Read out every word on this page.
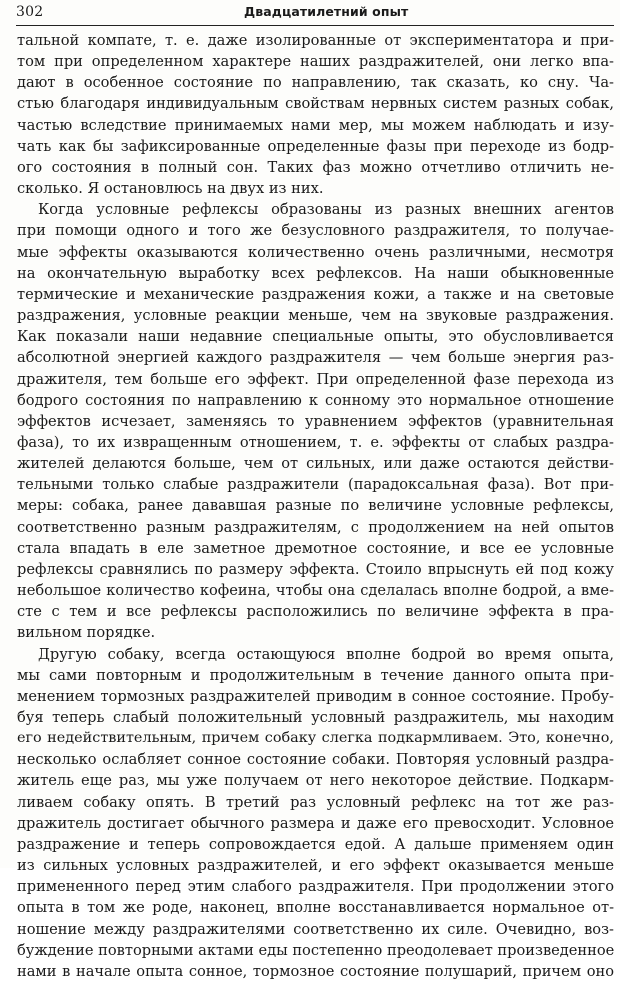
302	Двадцатилетний опыт
тальной компате, т. е. даже изолированные от экспериментатора и при-
том при определенном характере наших раздражителей, они легко впа-
дают в особенное состояние по направлению, так сказать, ко сну. Ча-
стью благодаря индивидуальным свойствам нервных систем разных собак,
частью вследствие принимаемых нами мер, мы можем наблюдать и изу-
чать как бы зафиксированные определенные фазы при переходе из бодр-
ого состояния в полный сон. Таких фаз можно отчетливо отличить не-
сколько. Я остановлюсь на двух из них.
Когда условные рефлексы образованы из разных внешних агентов
при помощи одного и того же безусловного раздражителя, то получае-
мые эффекты оказываются количественно очень различными, несмотря
на окончательную выработку всех рефлексов. На наши обыкновенные
термические и механические раздражения кожи, а также и на световые
раздражения, условные реакции меньше, чем на звуковые раздражения.
Как показали наши недавние специальные опыты, это обусловливается
абсолютной энергией каждого раздражителя — чем больше энергия раз-
дражителя, тем больше его эффект. При определенной фазе перехода из
бодрого состояния по направлению к сонному это нормальное отношение
эффектов исчезает, заменяясь то уравнением эффектов (уравнительная
фаза), то их извращенным отношением, т. е. эффекты от слабых раздра-
жителей делаются больше, чем от сильных, или даже остаются действи-
тельными только слабые раздражители (парадоксальная фаза). Вот при-
меры: собака, ранее дававшая разные по величине условные рефлексы,
соответственно разным раздражителям, с продолжением на ней опытов
стала впадать в еле заметное дремотное состояние, и все ее условные
рефлексы сравнялись по размеру эффекта. Стоило впрыснуть ей под кожу
небольшое количество кофеина, чтобы она сделалась вполне бодрой, а вме-
сте с тем и все рефлексы расположились по величине эффекта в пра-
вильном порядке.
Другую собаку, всегда остающуюся вполне бодрой во время опыта,
мы сами повторным и продолжительным в течение данного опыта при-
менением тормозных раздражителей приводим в сонное состояние. Пробу-
буя теперь слабый положительный условный раздражитель, мы находим
его недействительным, причем собаку слегка подкармливаем. Это, конечно,
несколько ослабляет сонное состояние собаки. Повторяя условный раздра-
житель еще раз, мы уже получаем от него некоторое действие. Подкарм-
ливаем собаку опять. В третий раз условный рефлекс на тот же раз-
дражитель достигает обычного размера и даже его превосходит. Условное
раздражение и теперь сопровождается едой. А дальше применяем один
из сильных условных раздражителей, и его эффект оказывается меньше
примененного перед этим слабого раздражителя. При продолжении этого
опыта в том же роде, наконец, вполне восстанавливается нормальное от-
ношение между раздражителями соответственно их силе. Очевидно, воз-
буждение повторными актами еды постепенно преодолевает произведенное
нами в начале опыта сонное, тормозное состояние полушарий, причем оно
